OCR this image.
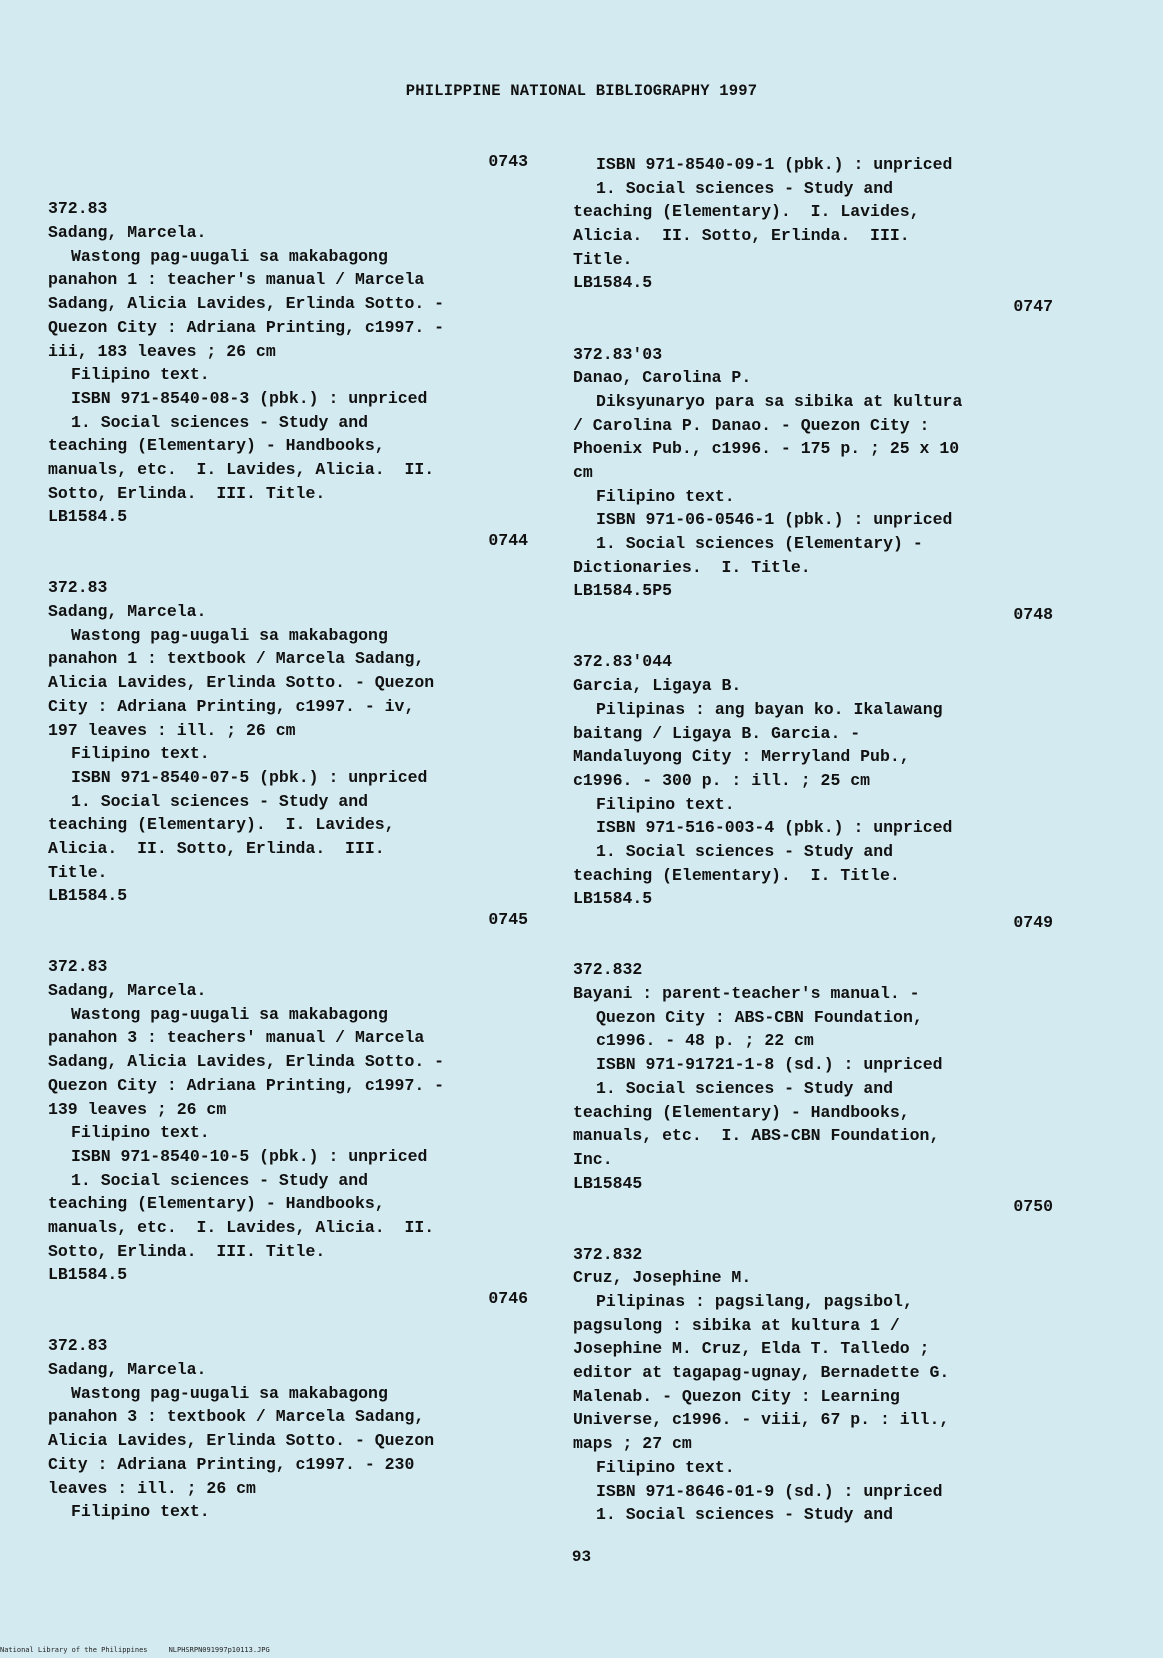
PHILIPPINE NATIONAL BIBLIOGRAPHY 1997
0743
372.83
Sadang, Marcela.
Wastong pag-uugali sa makabagong
panahon 1 : teacher's manual / Marcela
Sadang, Alicia Lavides, Erlinda Sotto. -
Quezon City : Adriana Printing, c1997. -
iii, 183 leaves ; 26 cm
Filipino text.
ISBN 971-8540-08-3 (pbk.) : unpriced
1. Social sciences - Study and
teaching (Elementary) - Handbooks,
manuals, etc.  I. Lavides, Alicia.  II.
Sotto, Erlinda.  III. Title.
LB1584.5
0744
372.83
Sadang, Marcela.
Wastong pag-uugali sa makabagong
panahon 1 : textbook / Marcela Sadang,
Alicia Lavides, Erlinda Sotto. - Quezon
City : Adriana Printing, c1997. - iv,
197 leaves : ill. ; 26 cm
Filipino text.
ISBN 971-8540-07-5 (pbk.) : unpriced
1. Social sciences - Study and
teaching (Elementary).  I. Lavides,
Alicia.  II. Sotto, Erlinda.  III.
Title.
LB1584.5
0745
372.83
Sadang, Marcela.
Wastong pag-uugali sa makabagong
panahon 3 : teachers' manual / Marcela
Sadang, Alicia Lavides, Erlinda Sotto. -
Quezon City : Adriana Printing, c1997. -
139 leaves ; 26 cm
Filipino text.
ISBN 971-8540-10-5 (pbk.) : unpriced
1. Social sciences - Study and
teaching (Elementary) - Handbooks,
manuals, etc.  I. Lavides, Alicia.  II.
Sotto, Erlinda.  III. Title.
LB1584.5
0746
372.83
Sadang, Marcela.
Wastong pag-uugali sa makabagong
panahon 3 : textbook / Marcela Sadang,
Alicia Lavides, Erlinda Sotto. - Quezon
City : Adriana Printing, c1997. - 230
leaves : ill. ; 26 cm
Filipino text.
ISBN 971-8540-09-1 (pbk.) : unpriced
1. Social sciences - Study and
teaching (Elementary).  I. Lavides,
Alicia.  II. Sotto, Erlinda.  III.
Title.
LB1584.5
0747
372.83'03
Danao, Carolina P.
Diksyunaryo para sa sibika at kultura
/ Carolina P. Danao. - Quezon City :
Phoenix Pub., c1996. - 175 p. ; 25 x 10
cm
Filipino text.
ISBN 971-06-0546-1 (pbk.) : unpriced
1. Social sciences (Elementary) -
Dictionaries.  I. Title.
LB1584.5P5
0748
372.83'044
Garcia, Ligaya B.
Pilipinas : ang bayan ko. Ikalawang
baitang / Ligaya B. Garcia. -
Mandaluyong City : Merryland Pub.,
c1996. - 300 p. : ill. ; 25 cm
Filipino text.
ISBN 971-516-003-4 (pbk.) : unpriced
1. Social sciences - Study and
teaching (Elementary).  I. Title.
LB1584.5
0749
372.832
Bayani : parent-teacher's manual. -
Quezon City : ABS-CBN Foundation,
c1996. - 48 p. ; 22 cm
ISBN 971-91721-1-8 (sd.) : unpriced
1. Social sciences - Study and
teaching (Elementary) - Handbooks,
manuals, etc.  I. ABS-CBN Foundation,
Inc.
LB15845
0750
372.832
Cruz, Josephine M.
Pilipinas : pagsilang, pagsibol,
pagsulong : sibika at kultura 1 /
Josephine M. Cruz, Elda T. Talledo ;
editor at tagapag-ugnay, Bernadette G.
Malenab. - Quezon City : Learning
Universe, c1996. - viii, 67 p. : ill.,
maps ; 27 cm
Filipino text.
ISBN 971-8646-01-9 (sd.) : unpriced
1. Social sciences - Study and
93
National Library of the Philippines     NLPHSRPN091997p10113.JPG
